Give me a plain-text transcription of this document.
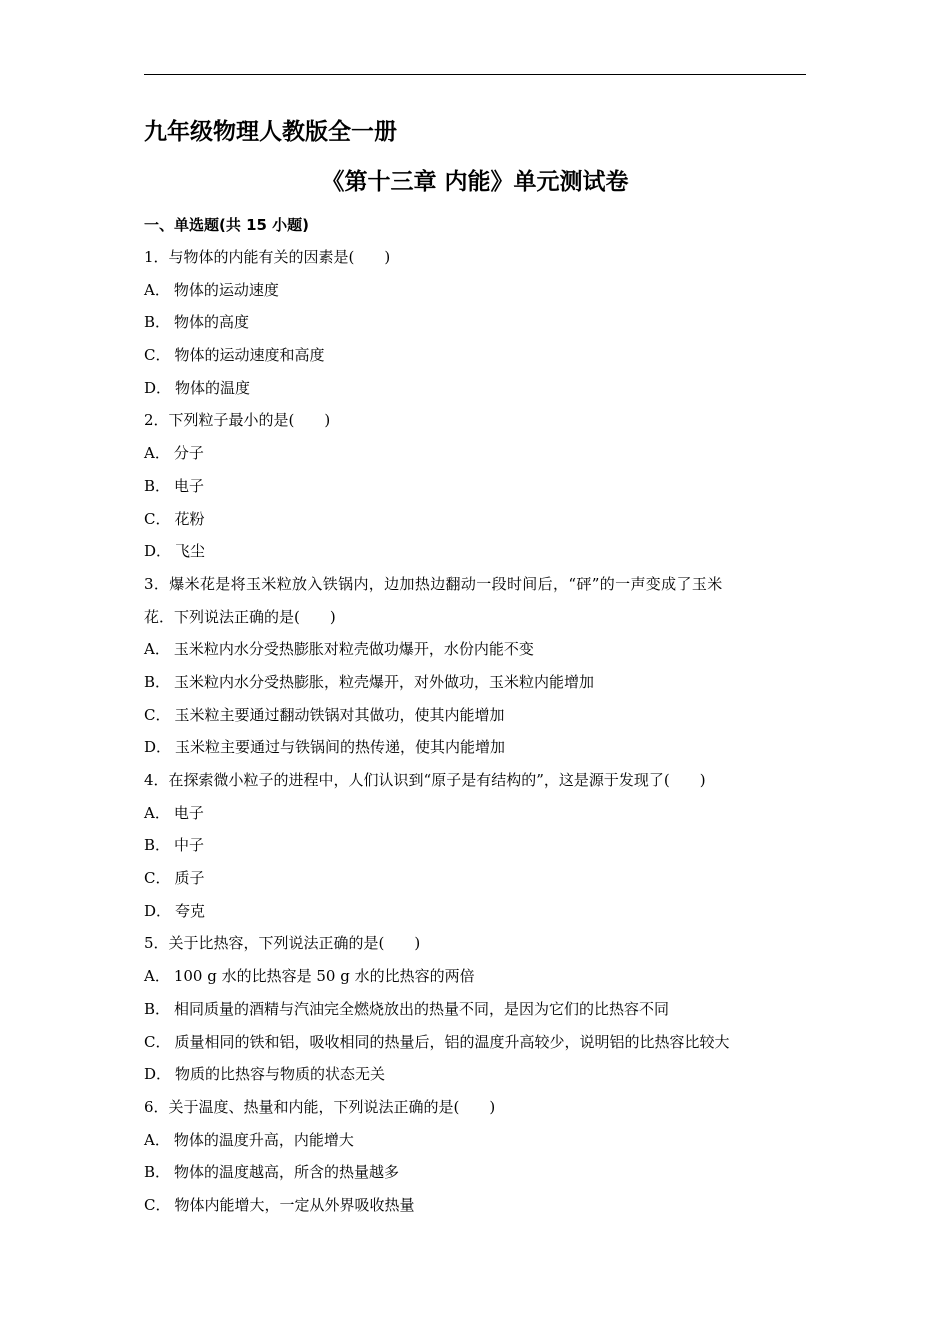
九年级物理人教版全一册
《第十三章 内能》单元测试卷
一、单选题(共 15 小题)
1．与物体的内能有关的因素是(　　)
A． 物体的运动速度
B． 物体的高度
C． 物体的运动速度和高度
D． 物体的温度
2．下列粒子最小的是(　　)
A． 分子
B． 电子
C． 花粉
D． 飞尘
3．爆米花是将玉米粒放入铁锅内，边加热边翻动一段时间后，“砰”的一声变成了玉米
花．下列说法正确的是(　　)
A． 玉米粒内水分受热膨胀对粒壳做功爆开，水份内能不变
B． 玉米粒内水分受热膨胀，粒壳爆开，对外做功，玉米粒内能增加
C． 玉米粒主要通过翻动铁锅对其做功，使其内能增加
D． 玉米粒主要通过与铁锅间的热传递，使其内能增加
4．在探索微小粒子的进程中，人们认识到“原子是有结构的”，这是源于发现了(　　)
A． 电子
B． 中子
C． 质子
D． 夸克
5．关于比热容，下列说法正确的是(　　)
A． 100 g 水的比热容是 50 g 水的比热容的两倍
B． 相同质量的酒精与汽油完全燃烧放出的热量不同，是因为它们的比热容不同
C． 质量相同的铁和铝，吸收相同的热量后，铝的温度升高较少，说明铝的比热容比较大
D． 物质的比热容与物质的状态无关
6．关于温度、热量和内能，下列说法正确的是(　　)
A． 物体的温度升高，内能增大
B． 物体的温度越高，所含的热量越多
C． 物体内能增大，一定从外界吸收热量
